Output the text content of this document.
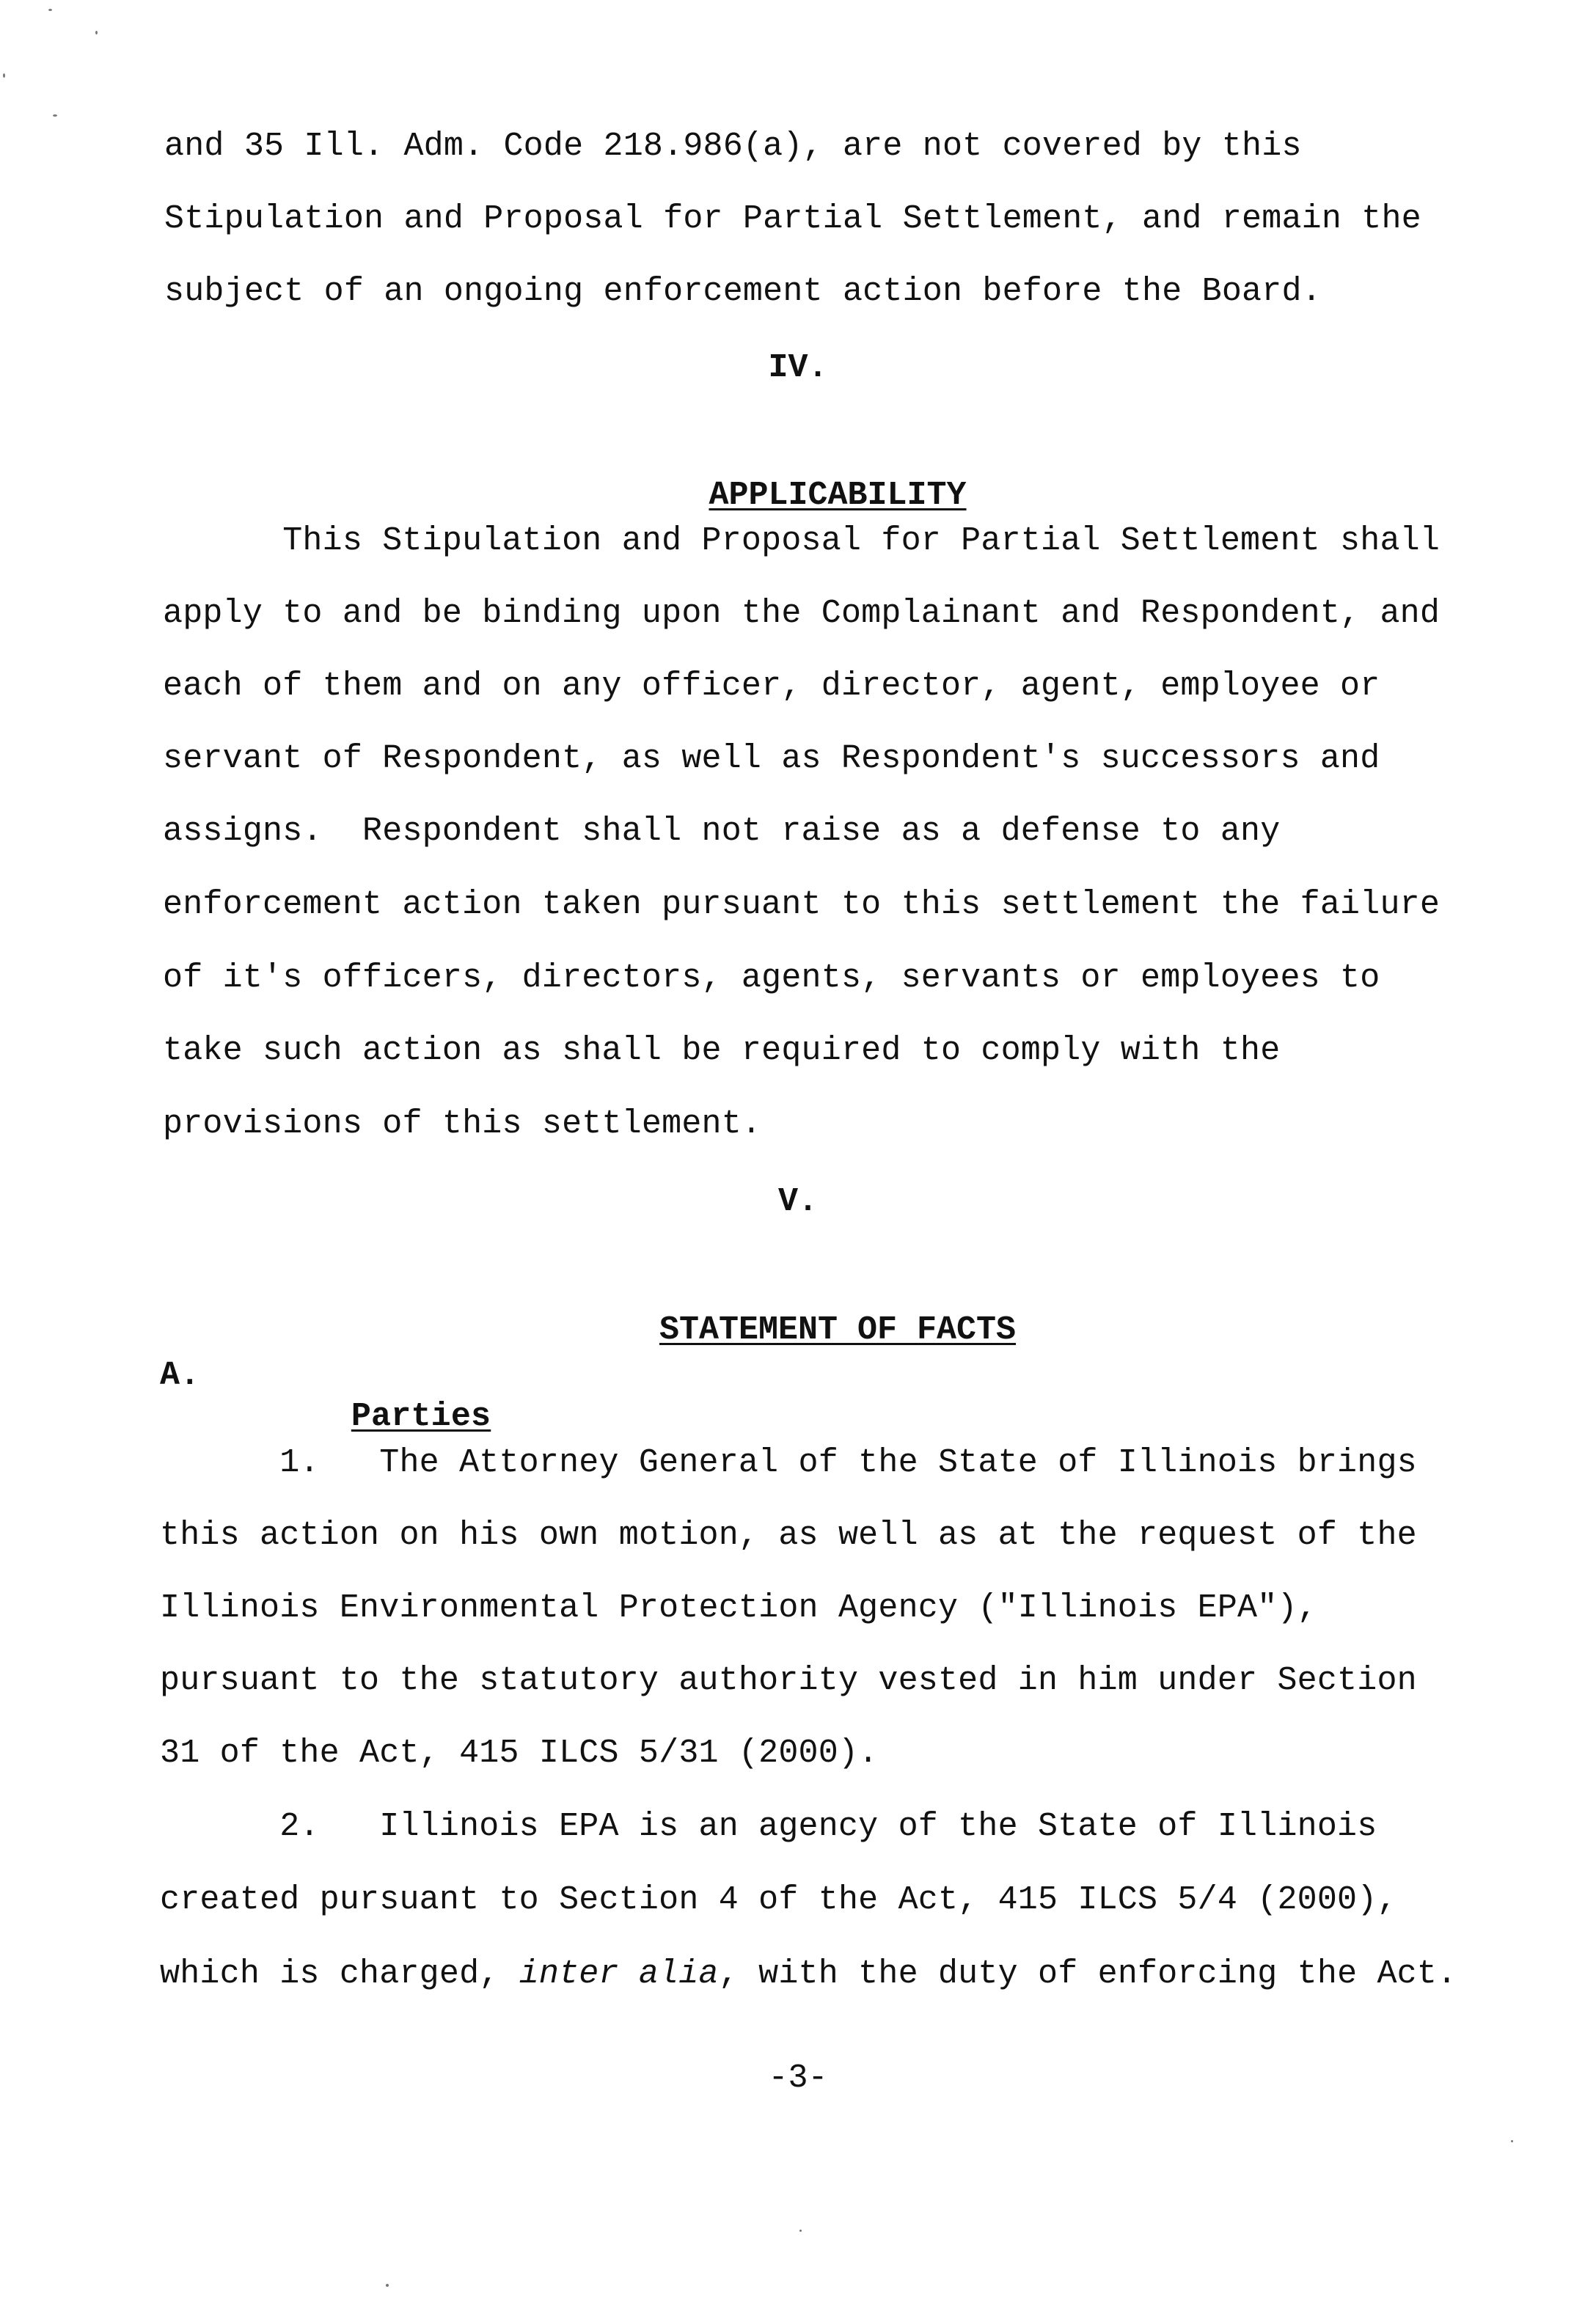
and 35 Ill. Adm. Code 218.986(a), are not covered by this
Stipulation and Proposal for Partial Settlement, and remain the
subject of an ongoing enforcement action before the Board.
IV.

APPLICABILITY

This Stipulation and Proposal for Partial Settlement shall
apply to and be binding upon the Complainant and Respondent, and
each of them and on any officer, director, agent, employee or
servant of Respondent, as well as Respondent's successors and
assigns.  Respondent shall not raise as a defense to any
enforcement action taken pursuant to this settlement the failure
of it's officers, directors, agents, servants or employees to
take such action as shall be required to comply with the
provisions of this settlement.
V.

STATEMENT OF FACTS

A.

Parties

1.   The Attorney General of the State of Illinois brings
this action on his own motion, as well as at the request of the
Illinois Environmental Protection Agency ("Illinois EPA"),
pursuant to the statutory authority vested in him under Section
31 of the Act, 415 ILCS 5/31 (2000).
2.   Illinois EPA is an agency of the State of Illinois
created pursuant to Section 4 of the Act, 415 ILCS 5/4 (2000),
which is charged, inter alia, with the duty of enforcing the Act.
-3-
